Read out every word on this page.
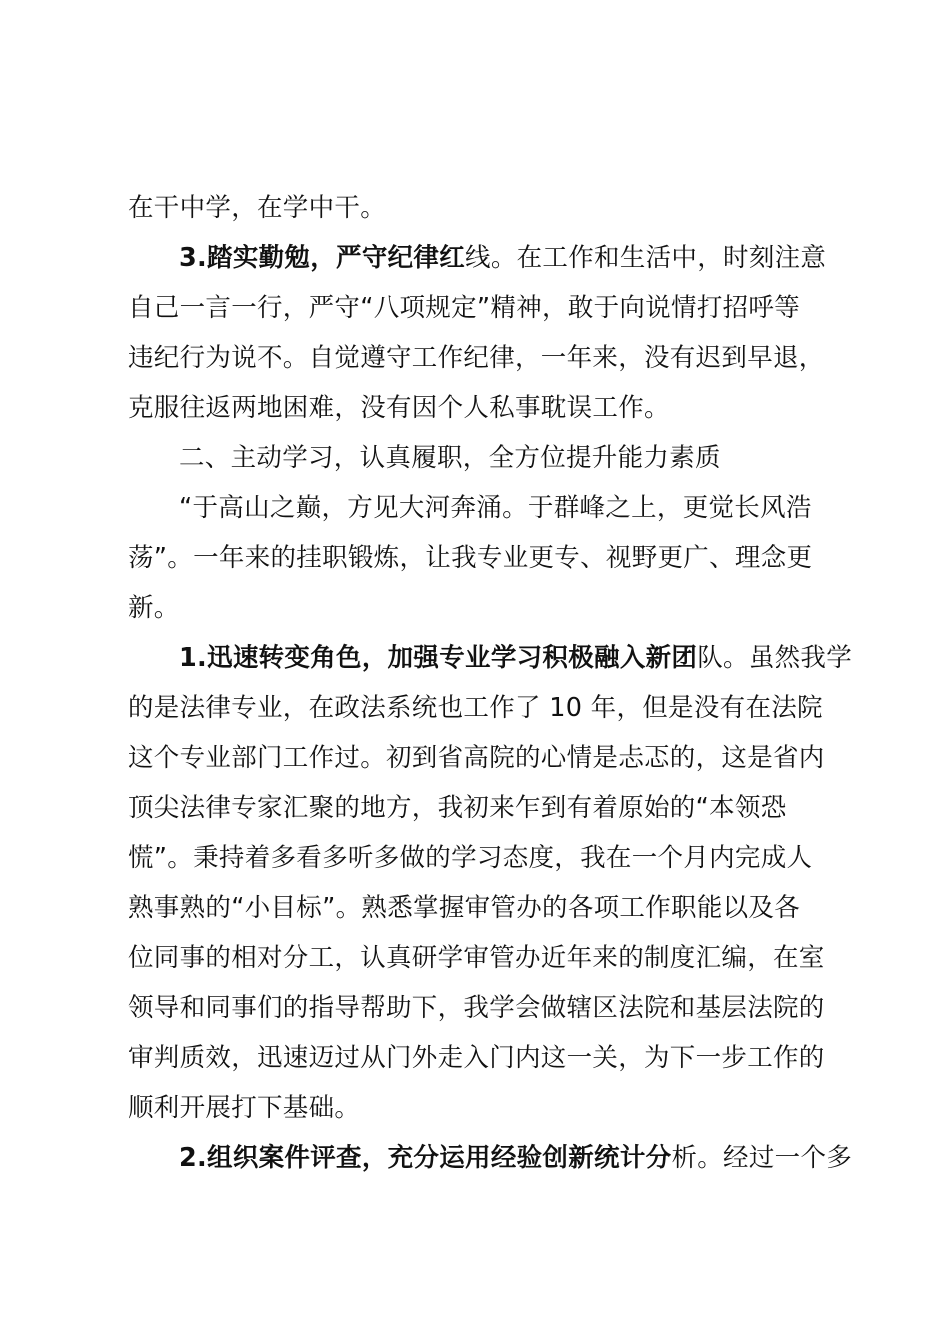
在干中学，在学中干。
3.踏实勤勉，严守纪律红线。在工作和生活中，时刻注意
自己一言一行，严守“八项规定”精神，敢于向说情打招呼等
违纪行为说不。自觉遵守工作纪律，一年来，没有迟到早退，
克服往返两地困难，没有因个人私事耽误工作。
二、主动学习，认真履职，全方位提升能力素质
“于高山之巅，方见大河奔涌。于群峰之上，更觉长风浩
荡”。一年来的挂职锻炼，让我专业更专、视野更广、理念更
新。
1.迅速转变角色，加强专业学习积极融入新团队。虽然我学
的是法律专业，在政法系统也工作了 10 年，但是没有在法院
这个专业部门工作过。初到省高院的心情是忐忑的，这是省内
顶尖法律专家汇聚的地方，我初来乍到有着原始的“本领恐
慌”。秉持着多看多听多做的学习态度，我在一个月内完成人
熟事熟的“小目标”。熟悉掌握审管办的各项工作职能以及各
位同事的相对分工，认真研学审管办近年来的制度汇编，在室
领导和同事们的指导帮助下，我学会做辖区法院和基层法院的
审判质效，迅速迈过从门外走入门内这一关，为下一步工作的
顺利开展打下基础。
2.组织案件评查，充分运用经验创新统计分析。经过一个多
